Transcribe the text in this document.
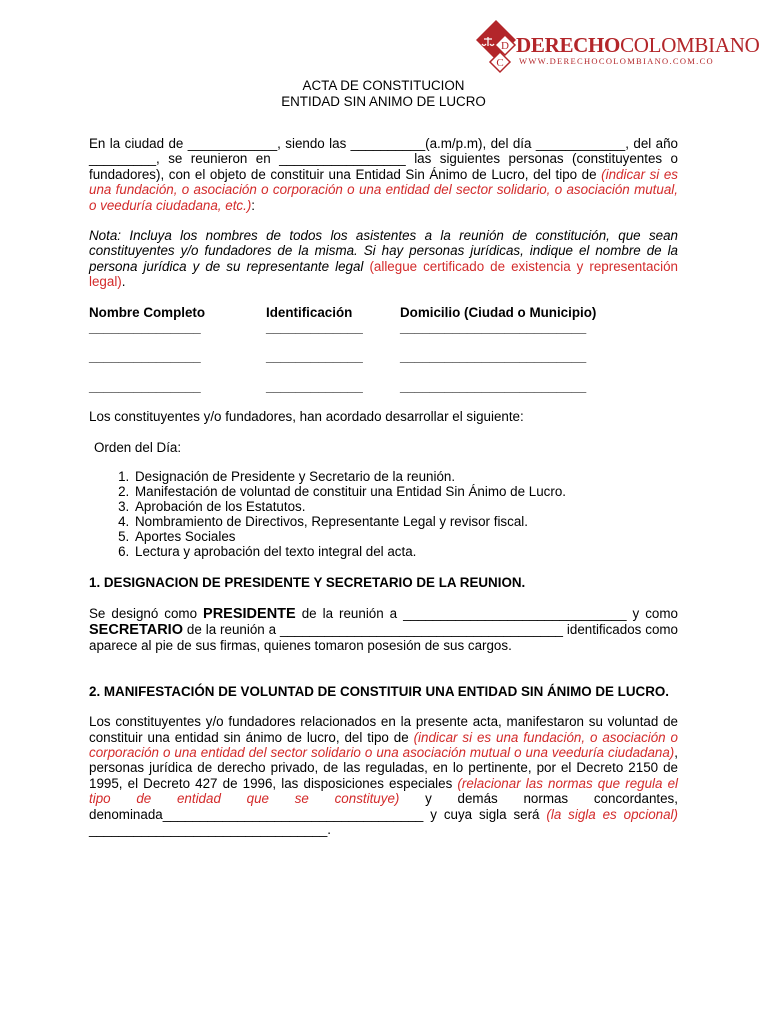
D
C
DERECHOCOLOMBIANO
WWW.DERECHOCOLOMBIANO.COM.CO

ACTA DE CONSTITUCION

ENTIDAD SIN ANIMO DE LUCRO

En la ciudad de ____________, siendo las __________(a.m/p.m), del día ____________, del año _________, se reunieron en _________________ las siguientes personas (constituyentes o fundadores), con el objeto de constituir una Entidad Sin Ánimo de Lucro, del tipo de (indicar si es una fundación, o asociación o corporación o una entidad del sector solidario, o asociación mutual, o veeduría ciudadana, etc.):

Nota: Incluya los nombres de todos los asistentes a la reunión de constitución, que sean constituyentes y/o fundadores de la misma. Si hay personas jurídicas, indique el nombre de la persona jurídica y de su representante legal (allegue certificado de existencia y representación legal).

Nombre Completo	Identificación	Domicilio (Ciudad o Municipio)
_______________	_____________	_________________________
_______________	_____________	_________________________
_______________	_____________	_________________________

Los constituyentes y/o fundadores, han acordado desarrollar el siguiente:

Orden del Día:

1. Designación de Presidente y Secretario de la reunión.
2. Manifestación de voluntad de constituir una Entidad Sin Ánimo de Lucro.
3. Aprobación de los Estatutos.
4. Nombramiento de Directivos, Representante Legal y revisor fiscal.
5. Aportes Sociales
6. Lectura y aprobación del texto integral del acta.

1. DESIGNACION DE PRESIDENTE Y SECRETARIO DE LA REUNION.

Se designó como PRESIDENTE de la reunión a ______________________________ y como SECRETARIO de la reunión a ______________________________________ identificados como aparece al pie de sus firmas, quienes tomaron posesión de sus cargos.

2. MANIFESTACIÓN DE VOLUNTAD DE CONSTITUIR UNA ENTIDAD SIN ÁNIMO DE LUCRO.

Los constituyentes y/o fundadores relacionados en la presente acta, manifestaron su voluntad de constituir una entidad sin ánimo de lucro, del tipo de (indicar si es una fundación, o asociación o corporación o una entidad del sector solidario o una asociación mutual o una veeduría ciudadana), personas jurídica de derecho privado, de las reguladas, en lo pertinente, por el Decreto 2150 de 1995, el Decreto 427 de 1996, las disposiciones especiales (relacionar las normas que regula el tipo de entidad que se constituye) y demás normas concordantes, denominada___________________________________ y cuya sigla será (la sigla es opcional) ________________________________.
